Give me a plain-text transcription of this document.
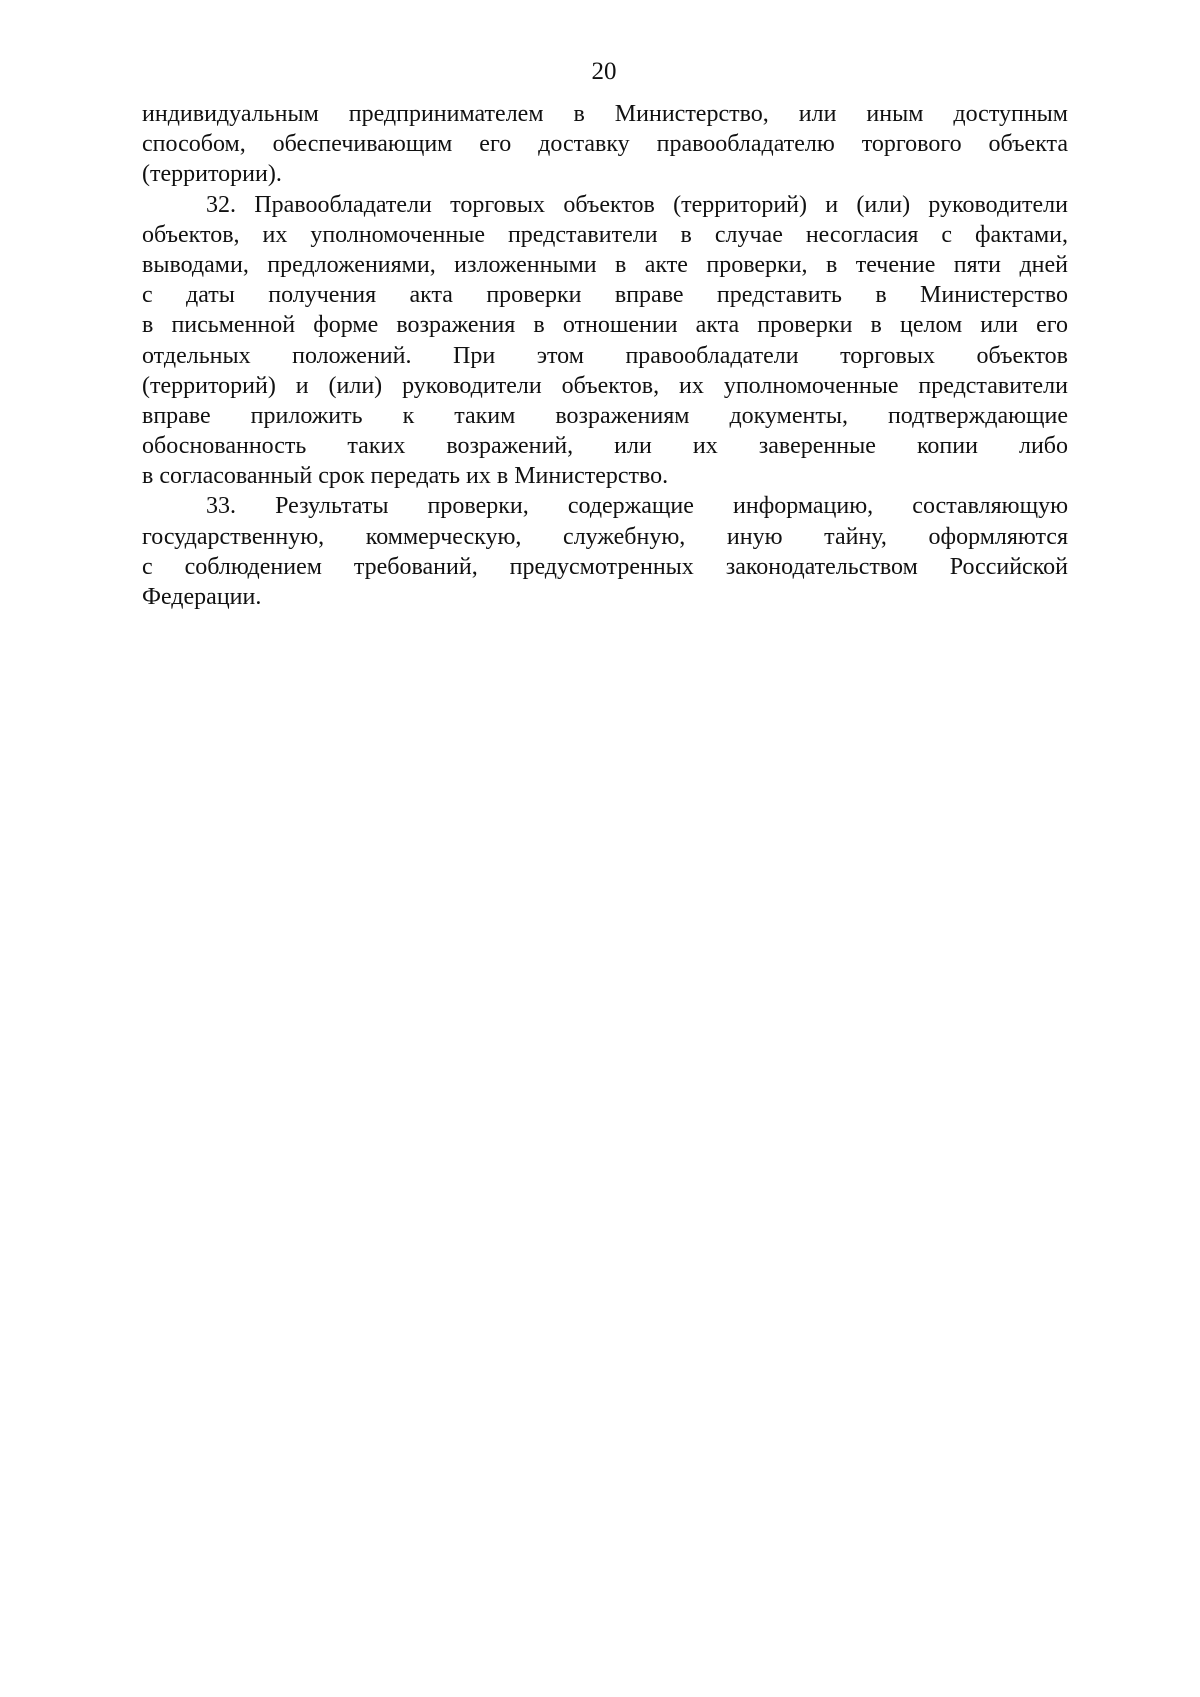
20
индивидуальным предпринимателем в Министерство, или иным доступным
способом, обеспечивающим его доставку правообладателю торгового объекта
(территории).
32. Правообладатели торговых объектов (территорий) и (или) руководители
объектов, их уполномоченные представители в случае несогласия с фактами,
выводами, предложениями, изложенными в акте проверки, в течение пяти дней
с даты получения акта проверки вправе представить в Министерство
в письменной форме возражения в отношении акта проверки в целом или его
отдельных положений. При этом правообладатели торговых объектов
(территорий) и (или) руководители объектов, их уполномоченные представители
вправе приложить к таким возражениям документы, подтверждающие
обоснованность таких возражений, или их заверенные копии либо
в согласованный срок передать их в Министерство.
33. Результаты проверки, содержащие информацию, составляющую
государственную, коммерческую, служебную, иную тайну, оформляются
с соблюдением требований, предусмотренных законодательством Российской
Федерации.
